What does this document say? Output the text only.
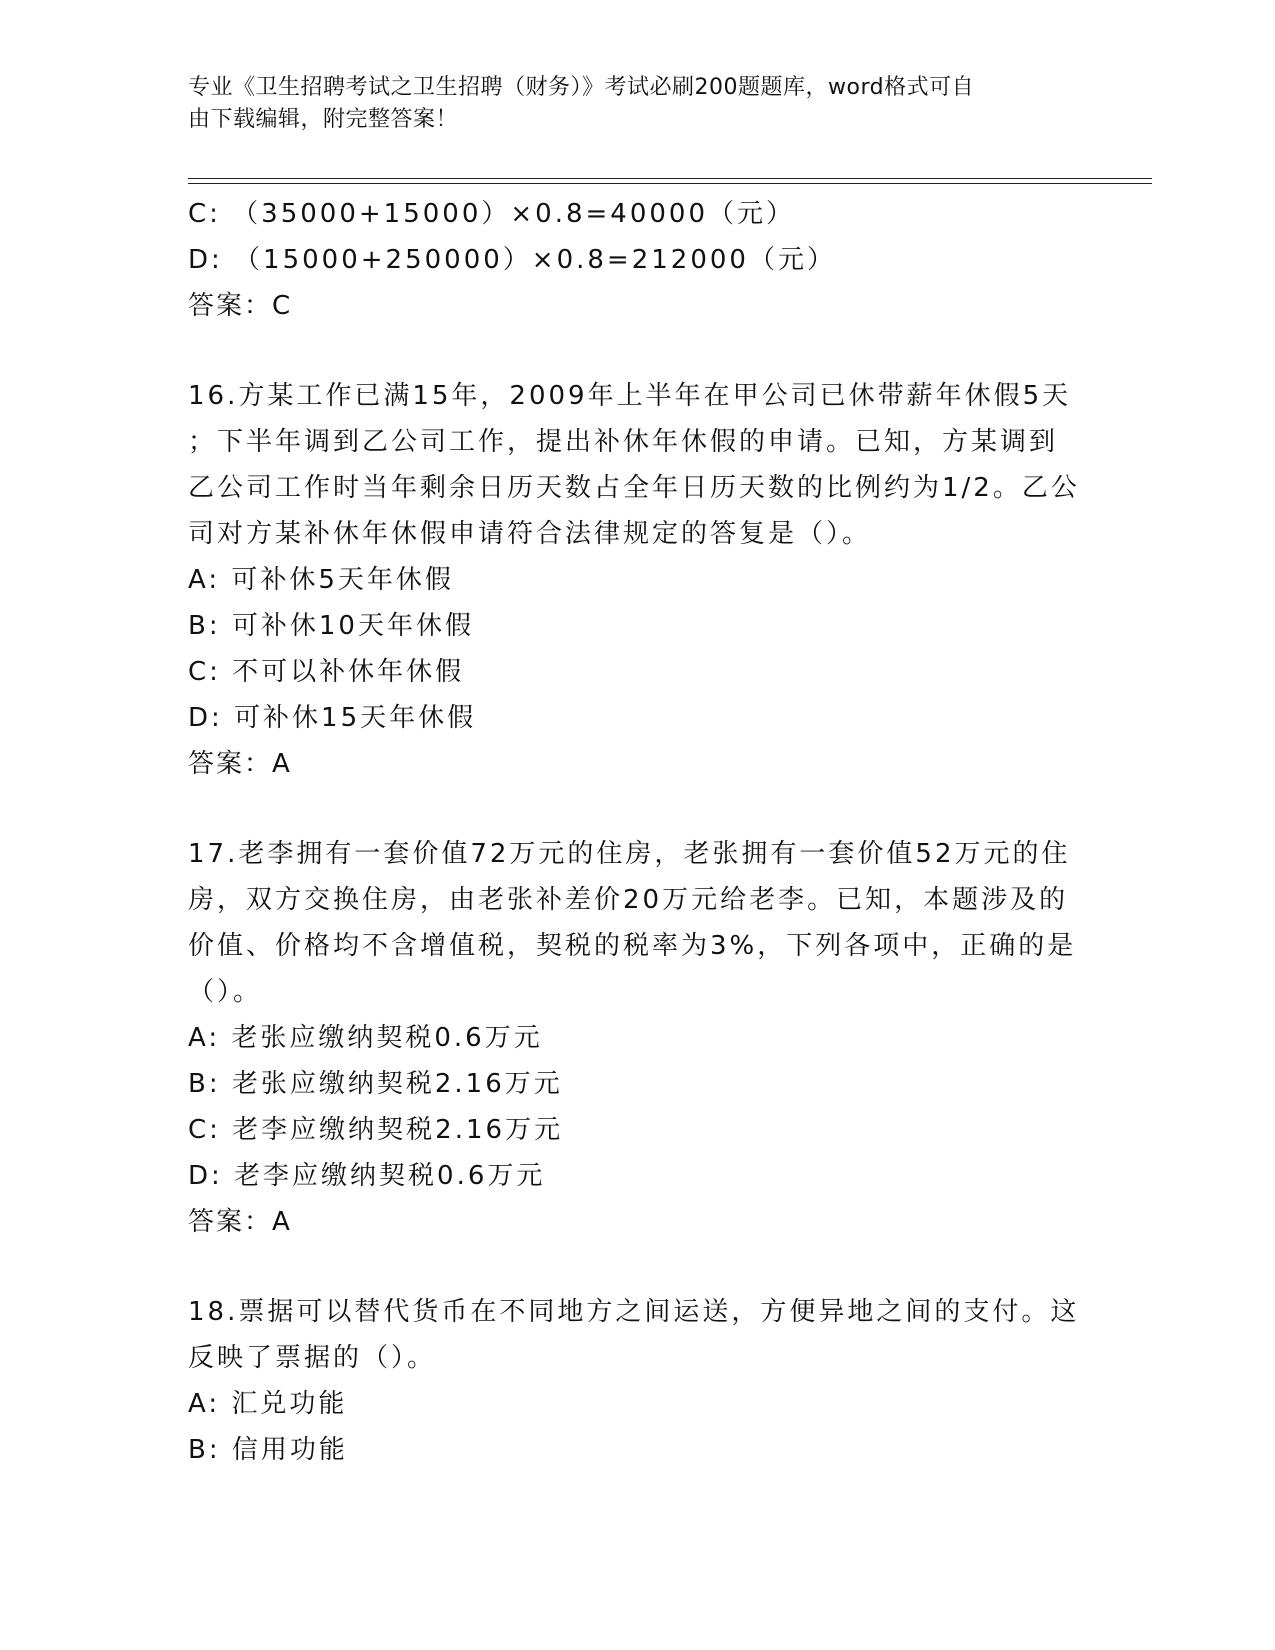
专业《卫生招聘考试之卫生招聘（财务）》考试必刷200题题库，word格式可自
由下载编辑，附完整答案！
C: （35000+15000）×0.8=40000（元）
D: （15000+250000）×0.8=212000（元）
答案：C
16.方某工作已满15年，2009年上半年在甲公司已休带薪年休假5天
；下半年调到乙公司工作，提出补休年休假的申请。已知，方某调到
乙公司工作时当年剩余日历天数占全年日历天数的比例约为1/2。乙公
司对方某补休年休假申请符合法律规定的答复是（）。
A: 可补休5天年休假
B: 可补休10天年休假
C: 不可以补休年休假
D: 可补休15天年休假
答案：A
17.老李拥有一套价值72万元的住房，老张拥有一套价值52万元的住
房，双方交换住房，由老张补差价20万元给老李。已知，本题涉及的
价值、价格均不含增值税，契税的税率为3%，下列各项中，正确的是
（）。
A: 老张应缴纳契税0.6万元
B: 老张应缴纳契税2.16万元
C: 老李应缴纳契税2.16万元
D: 老李应缴纳契税0.6万元
答案：A
18.票据可以替代货币在不同地方之间运送，方便异地之间的支付。这
反映了票据的（）。
A: 汇兑功能
B: 信用功能
